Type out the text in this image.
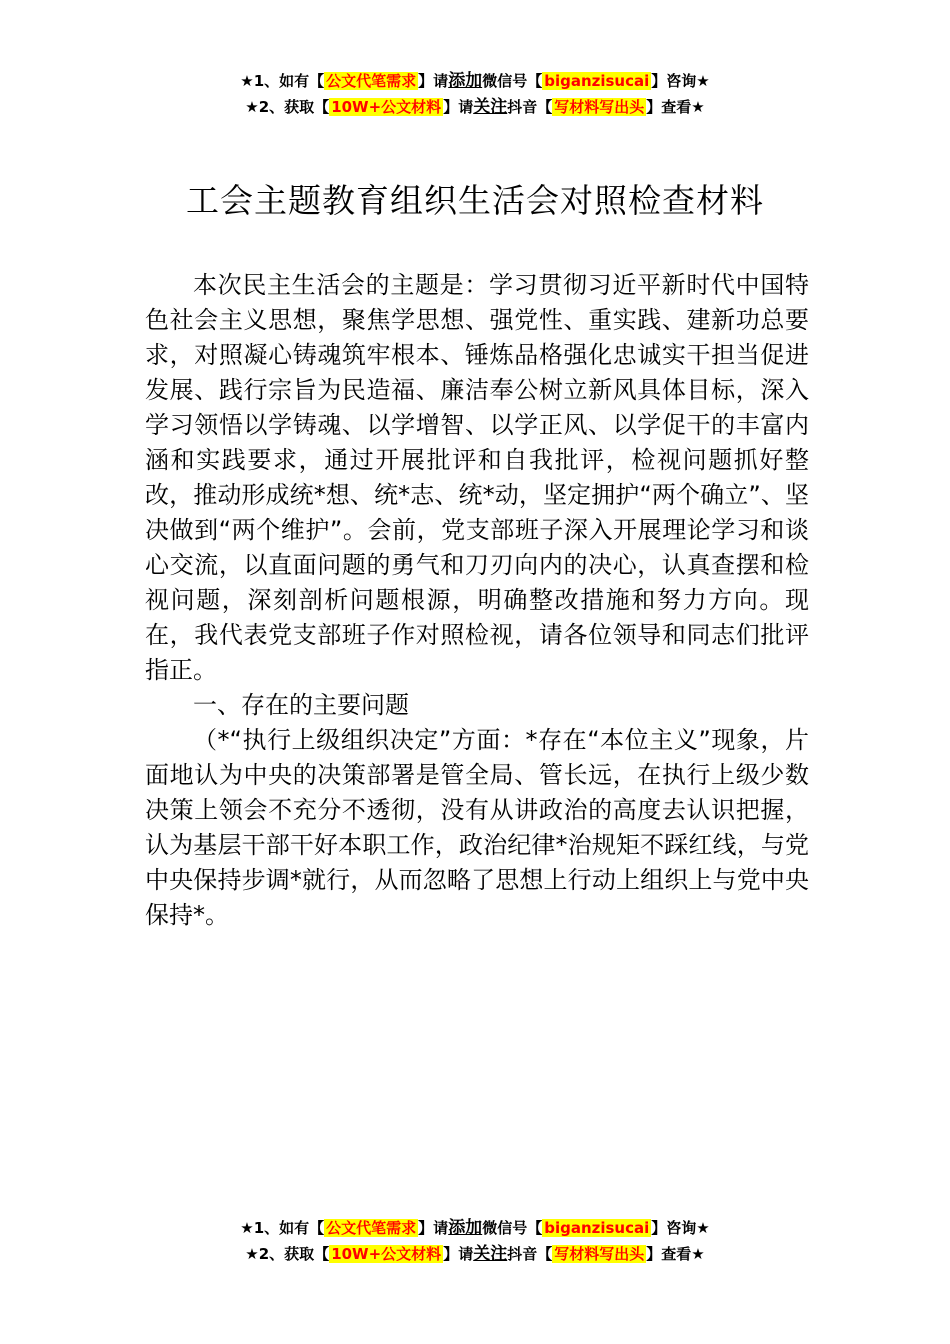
★1、如有【 公文代笔需求 】请添加微信号【 biganzisucai 】咨询★
★2、获取【 10W+公文材料 】请关注抖音【 写材料写出头 】查看★
工会主题教育组织生活会对照检查材料

本次民主生活会的主题是：学习贯彻习近平新时代中国特色社会主义思想，聚焦学思想、强党性、重实践、建新功总要求，对照凝心铸魂筑牢根本、锤炼品格强化忠诚实干担当促进发展、践行宗旨为民造福、廉洁奉公树立新风具体目标，深入学习领悟以学铸魂、以学增智、以学正风、以学促干的丰富内涵和实践要求，通过开展批评和自我批评，检视问题抓好整改，推动形成统*想、统*志、统*动，坚定拥护“两个确立”、坚决做到“两个维护”。会前，党支部班子深入开展理论学习和谈心交流，以直面问题的勇气和刀刃向内的决心，认真查摆和检视问题，深刻剖析问题根源，明确整改措施和努力方向。现在，我代表党支部班子作对照检视，请各位领导和同志们批评指正。

一、存在的主要问题

（*“执行上级组织决定”方面：*存在“本位主义”现象，片面地认为中央的决策部署是管全局、管长远，在执行上级少数决策上领会不充分不透彻，没有从讲政治的高度去认识把握，认为基层干部干好本职工作，政治纪律*治规矩不踩红线，与党中央保持步调*就行，从而忽略了思想上行动上组织上与党中央保持*。

★1、如有【 公文代笔需求 】请添加微信号【 biganzisucai 】咨询★
★2、获取【 10W+公文材料 】请关注抖音【 写材料写出头 】查看★
